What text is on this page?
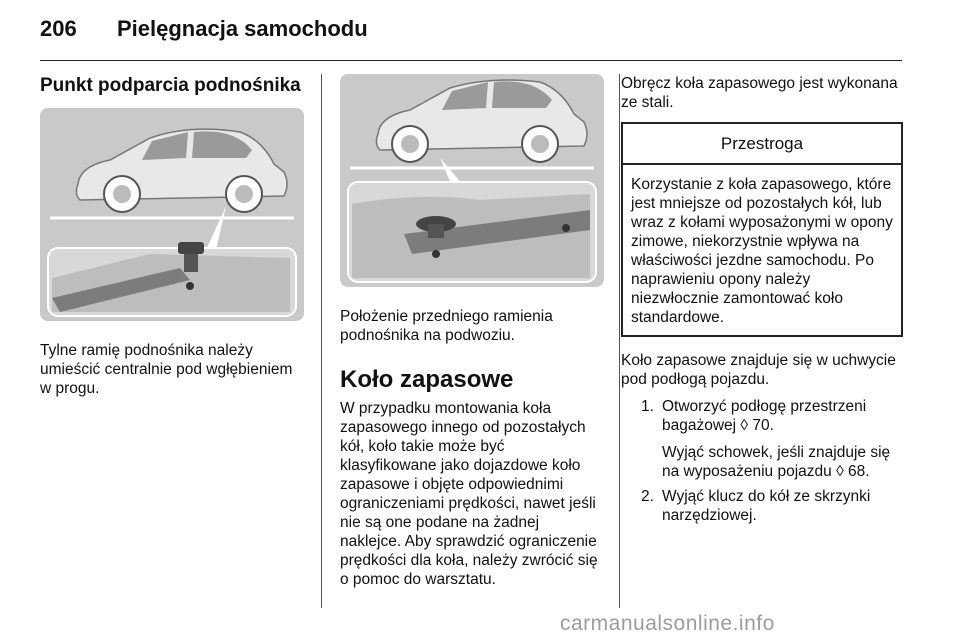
206 Pielęgnacja samochodu
Punkt podparcia podnośnika

Tylne ramię podnośnika należy umieścić centralnie pod wgłębieniem w progu.

Położenie przedniego ramienia podnośnika na podwoziu.

Koło zapasowe

W przypadku montowania koła zapasowego innego od pozostałych kół, koło takie może być klasyfikowane jako dojazdowe koło zapasowe i objęte odpowiednimi ograniczeniami prędkości, nawet jeśli nie są one podane na żadnej naklejce. Aby sprawdzić ograniczenie prędkości dla koła, należy zwrócić się o pomoc do warsztatu.

Obręcz koła zapasowego jest wykonana ze stali.

Przestroga
Korzystanie z koła zapasowego, które jest mniejsze od pozostałych kół, lub wraz z kołami wyposażonymi w opony zimowe, niekorzystnie wpływa na właściwości jezdne samochodu. Po naprawieniu opony należy niezwłocznie zamontować koło standardowe.

Koło zapasowe znajduje się w uchwycie pod podłogą pojazdu.

1. Otworzyć podłogę przestrzeni bagażowej ◊ 70.
Wyjąć schowek, jeśli znajduje się na wyposażeniu pojazdu ◊ 68.
2. Wyjąć klucz do kół ze skrzynki narzędziowej.
carmanualsonline.info
